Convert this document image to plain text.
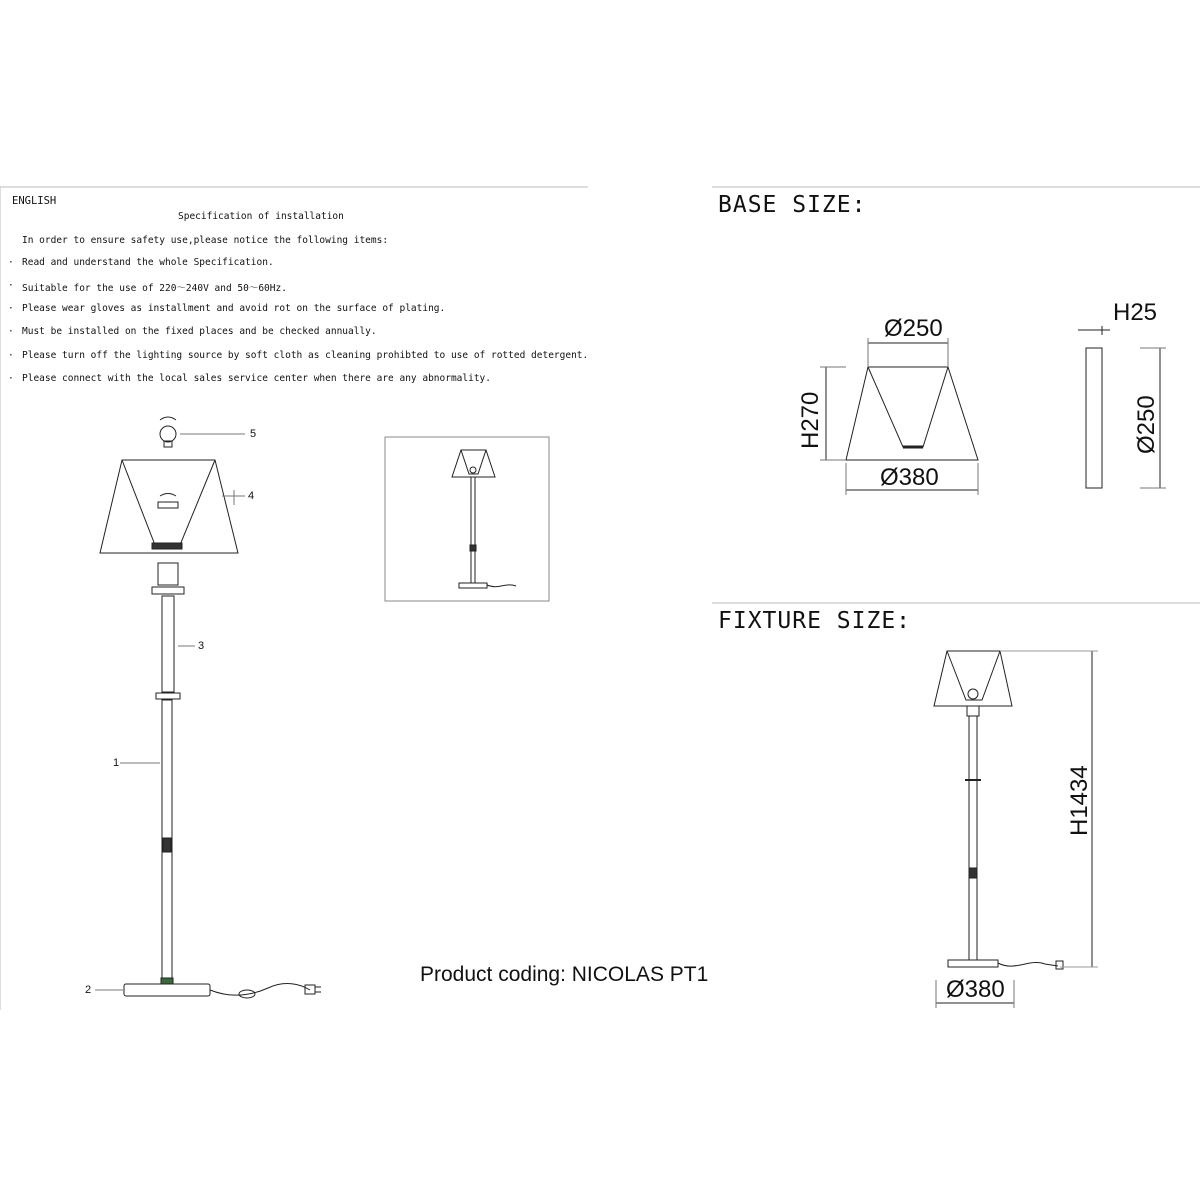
ENGLISH
Specification of installation
In order to ensure safety use,please notice the following items:
· Read and understand the whole Specification.
· Suitable for the use of 220～240V and 50～60Hz.
· Please wear gloves as installment and avoid rot on the surface of plating.
· Must be installed on the fixed places and be checked annually.
· Please turn off the lighting source by soft cloth as cleaning prohibted to use of rotted detergent.
· Please connect with the local sales service center when there are any abnormality.
5
4
3
1
2
Product coding: NICOLAS PT1
BASE SIZE:
Ø250
Ø380
H270
H25
Ø250
FIXTURE SIZE:
H1434
Ø380
